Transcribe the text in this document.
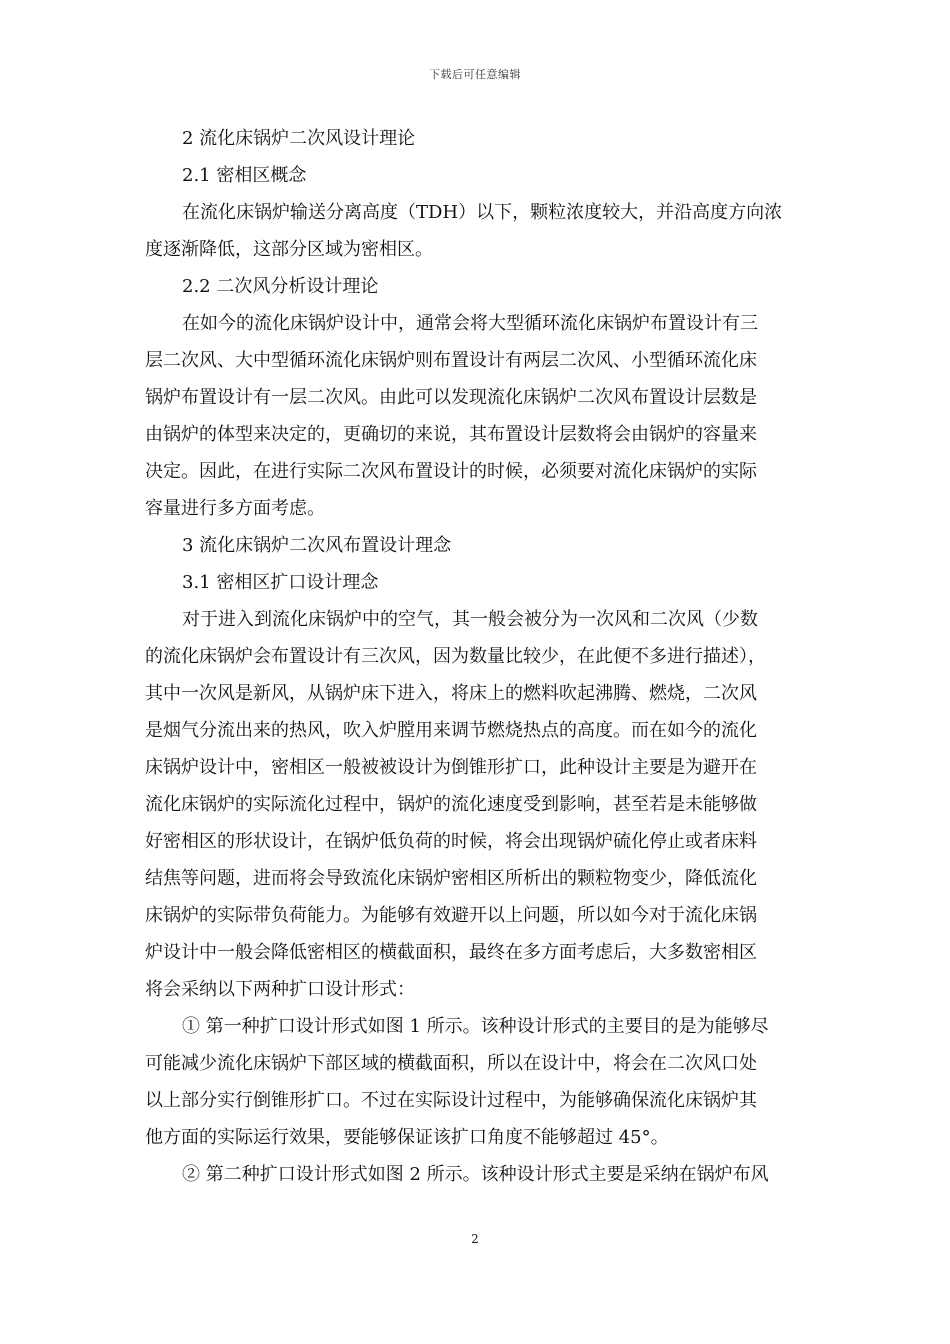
下载后可任意编辑
2 流化床锅炉二次风设计理论
2.1 密相区概念
在流化床锅炉输送分离高度（TDH）以下，颗粒浓度较大，并沿高度方向浓
度逐渐降低，这部分区域为密相区。
2.2 二次风分析设计理论
在如今的流化床锅炉设计中，通常会将大型循环流化床锅炉布置设计有三
层二次风、大中型循环流化床锅炉则布置设计有两层二次风、小型循环流化床
锅炉布置设计有一层二次风。由此可以发现流化床锅炉二次风布置设计层数是
由锅炉的体型来决定的，更确切的来说，其布置设计层数将会由锅炉的容量来
决定。因此，在进行实际二次风布置设计的时候，必须要对流化床锅炉的实际
容量进行多方面考虑。
3 流化床锅炉二次风布置设计理念
3.1 密相区扩口设计理念
对于进入到流化床锅炉中的空气，其一般会被分为一次风和二次风（少数
的流化床锅炉会布置设计有三次风，因为数量比较少，在此便不多进行描述），
其中一次风是新风，从锅炉床下进入，将床上的燃料吹起沸腾、燃烧，二次风
是烟气分流出来的热风，吹入炉膛用来调节燃烧热点的高度。而在如今的流化
床锅炉设计中，密相区一般被被设计为倒锥形扩口，此种设计主要是为避开在
流化床锅炉的实际流化过程中，锅炉的流化速度受到影响，甚至若是未能够做
好密相区的形状设计，在锅炉低负荷的时候，将会出现锅炉硫化停止或者床料
结焦等问题，进而将会导致流化床锅炉密相区所析出的颗粒物变少，降低流化
床锅炉的实际带负荷能力。为能够有效避开以上问题，所以如今对于流化床锅
炉设计中一般会降低密相区的横截面积，最终在多方面考虑后，大多数密相区
将会采纳以下两种扩口设计形式：
① 第一种扩口设计形式如图 1 所示。该种设计形式的主要目的是为能够尽
可能减少流化床锅炉下部区域的横截面积，所以在设计中，将会在二次风口处
以上部分实行倒锥形扩口。不过在实际设计过程中，为能够确保流化床锅炉其
他方面的实际运行效果，要能够保证该扩口角度不能够超过 45°。
② 第二种扩口设计形式如图 2 所示。该种设计形式主要是采纳在锅炉布风
2
